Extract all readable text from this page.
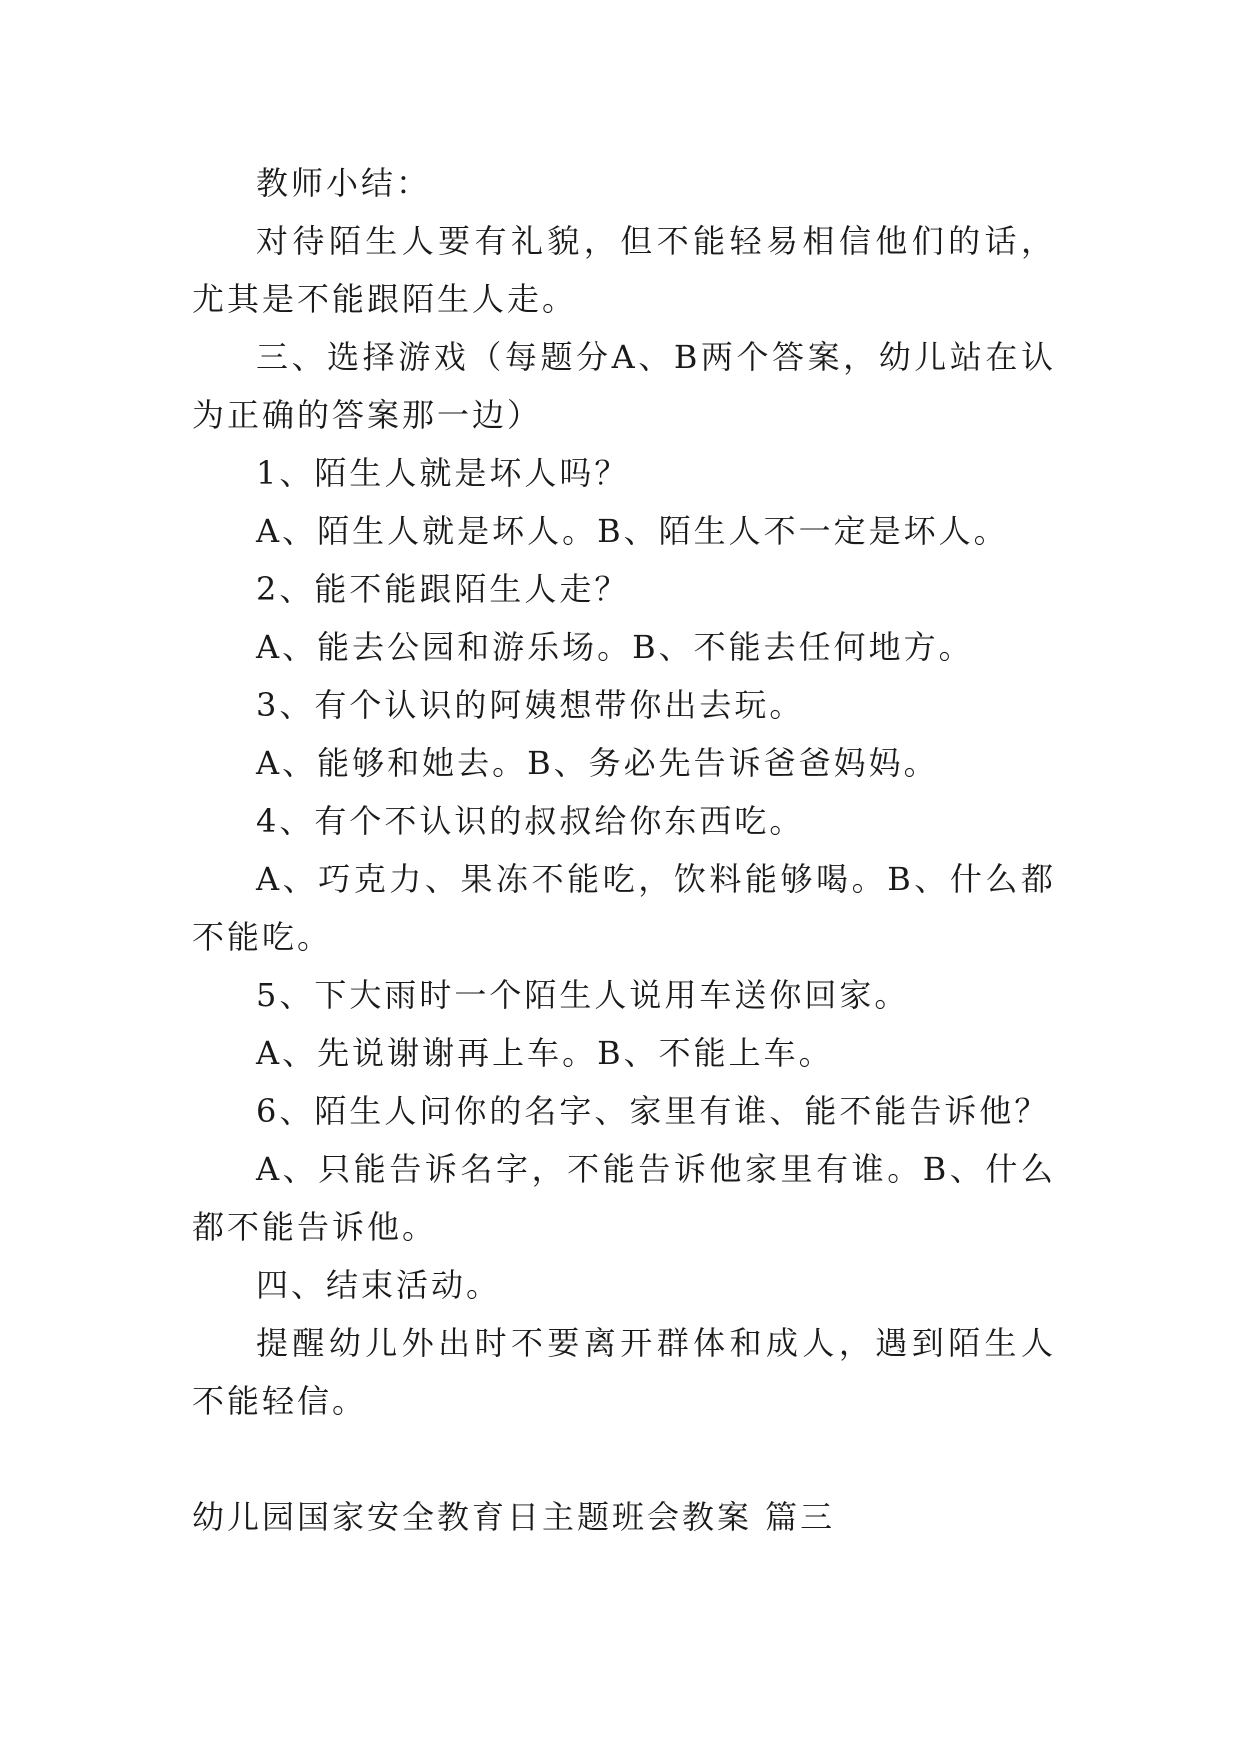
教师小结：

对待陌生人要有礼貌，但不能轻易相信他们的话，尤其是不能跟陌生人走。

三、选择游戏（每题分A、B两个答案，幼儿站在认为正确的答案那一边）

1、陌生人就是坏人吗？

A、陌生人就是坏人。B、陌生人不一定是坏人。

2、能不能跟陌生人走？

A、能去公园和游乐场。B、不能去任何地方。

3、有个认识的阿姨想带你出去玩。

A、能够和她去。B、务必先告诉爸爸妈妈。

4、有个不认识的叔叔给你东西吃。

A、巧克力、果冻不能吃，饮料能够喝。B、什么都不能吃。

5、下大雨时一个陌生人说用车送你回家。

A、先说谢谢再上车。B、不能上车。

6、陌生人问你的名字、家里有谁、能不能告诉他？

A、只能告诉名字，不能告诉他家里有谁。B、什么都不能告诉他。

四、结束活动。

提醒幼儿外出时不要离开群体和成人，遇到陌生人不能轻信。

幼儿园国家安全教育日主题班会教案 篇三
